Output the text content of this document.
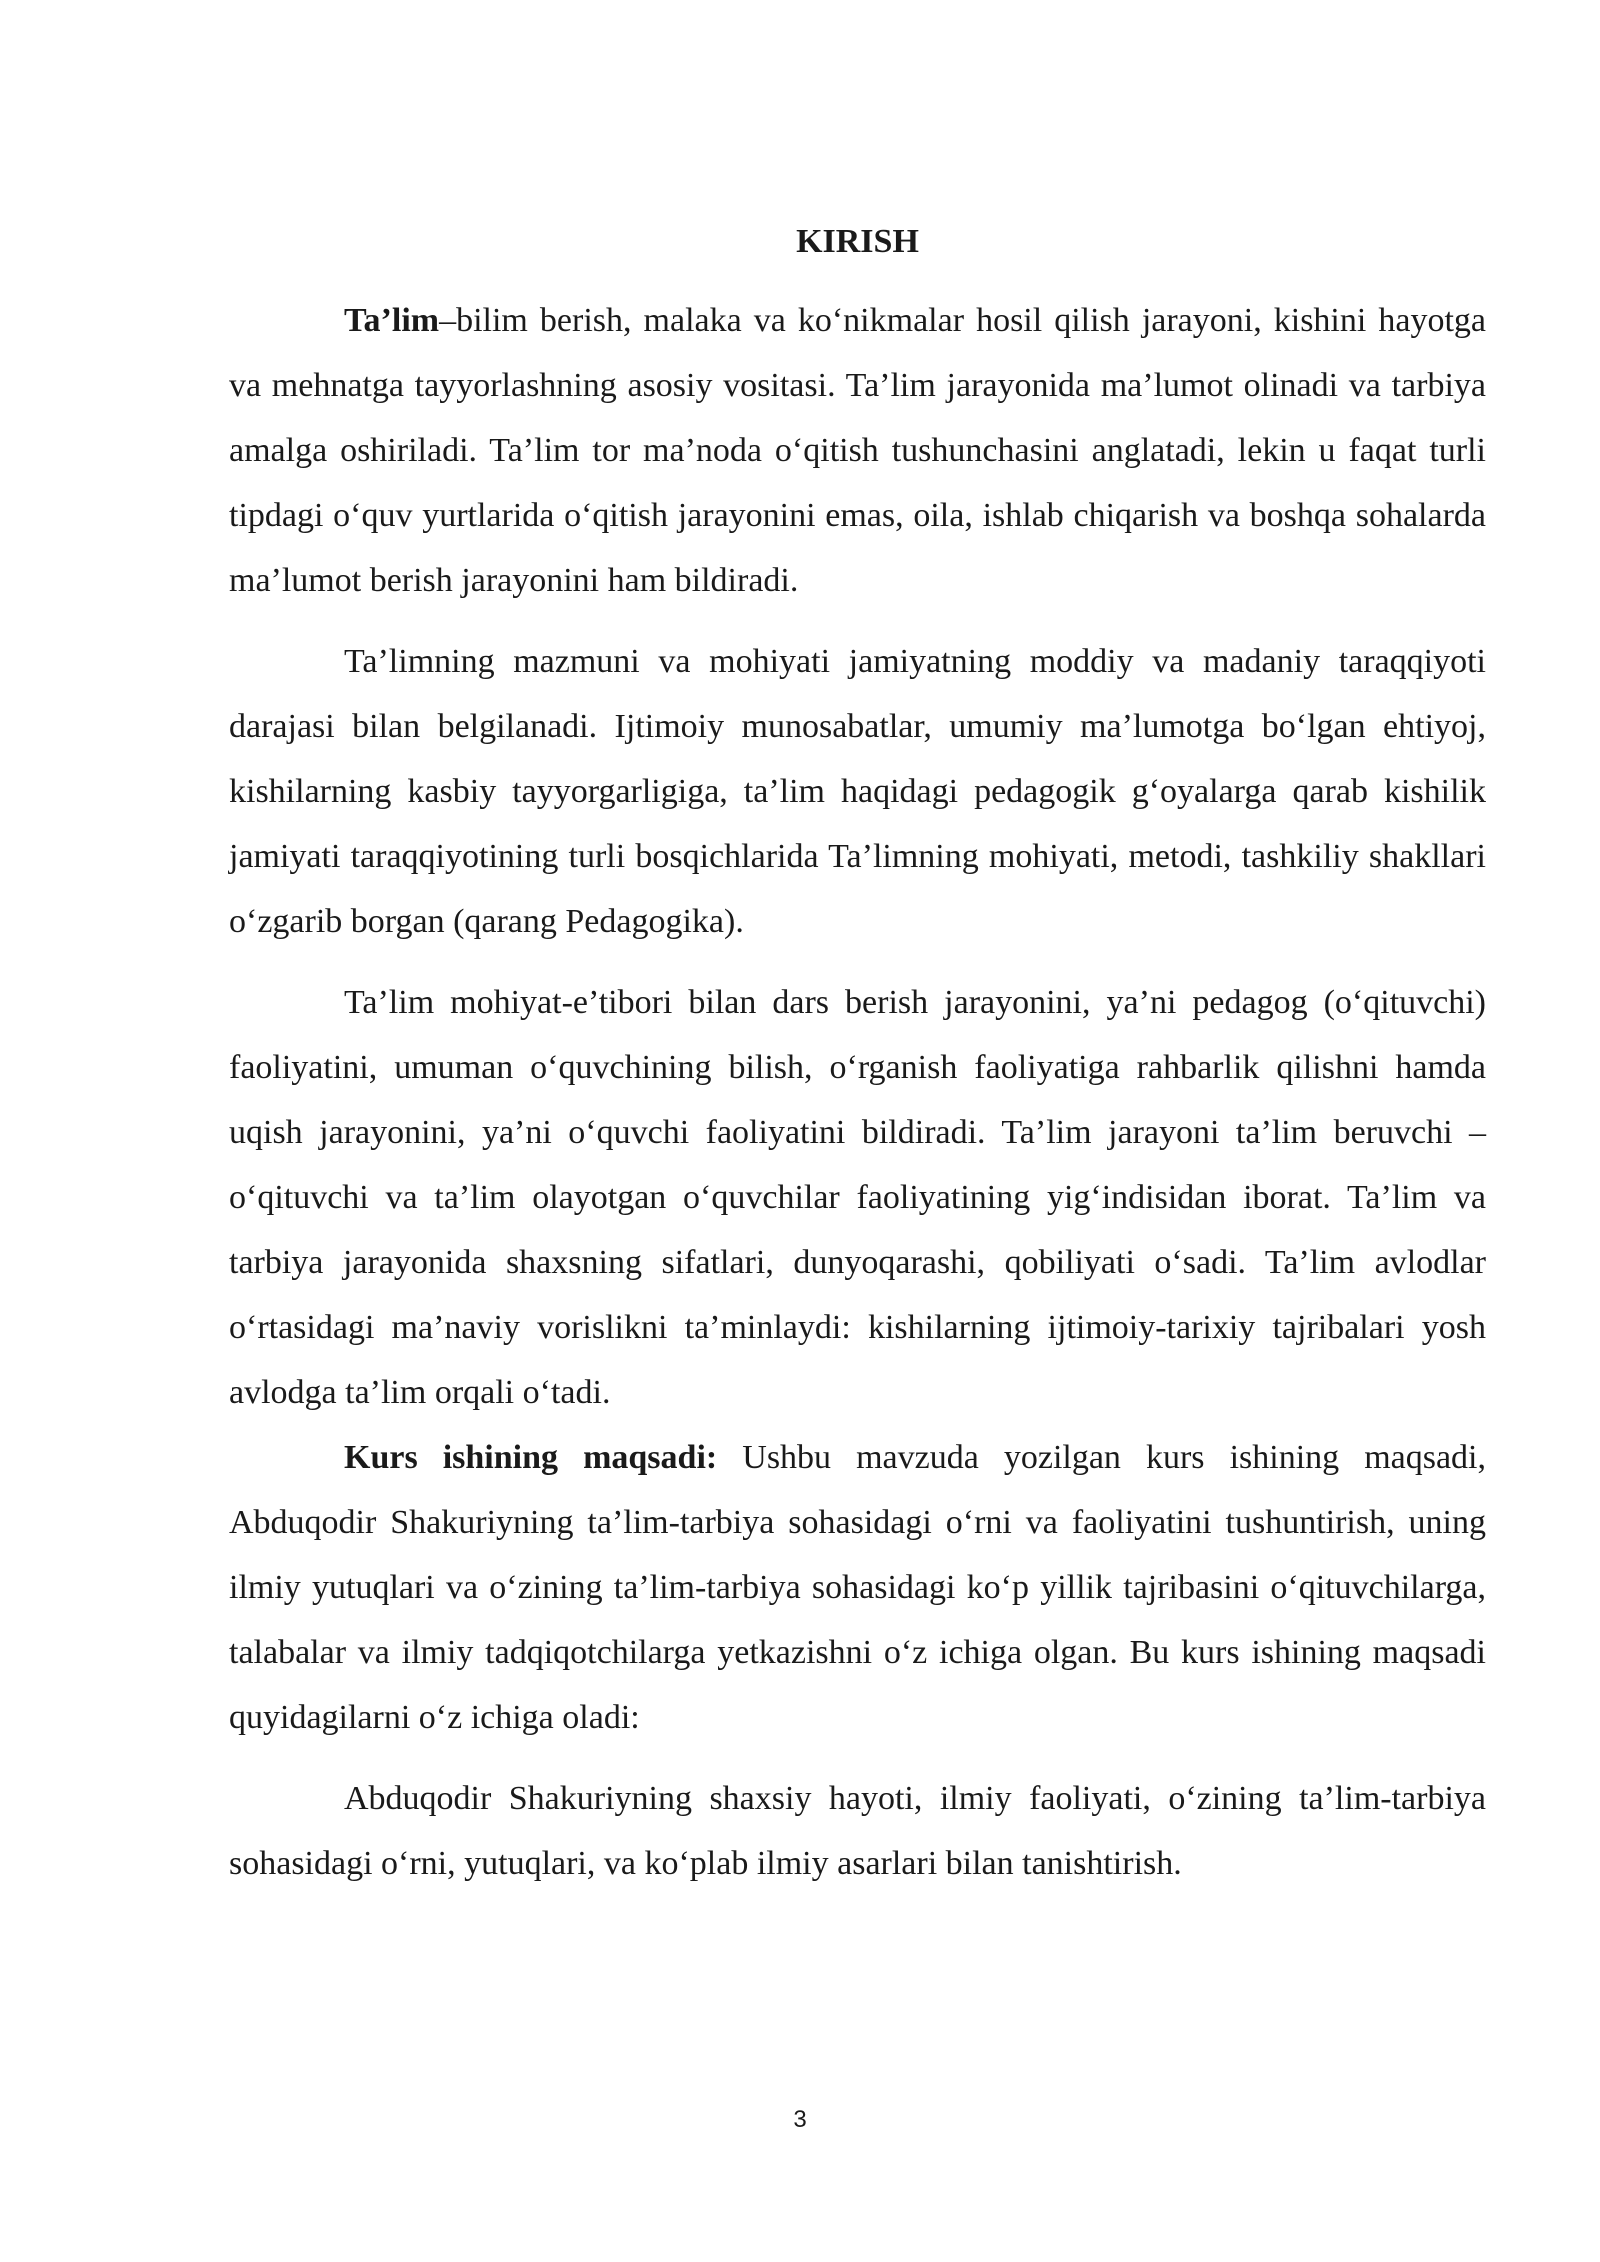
KIRISH

Ta’lim–bilim berish, malaka va ko‘nikmalar hosil qilish jarayoni, kishini hayotga va mehnatga tayyorlashning asosiy vositasi. Ta’lim jarayonida ma’lumot olinadi va tarbiya amalga oshiriladi. Ta’lim tor ma’noda o‘qitish tushunchasini anglatadi, lekin u faqat turli tipdagi o‘quv yurtlarida o‘qitish jarayonini emas, oila, ishlab chiqarish va boshqa sohalarda ma’lumot berish jarayonini ham bildiradi.

Ta’limning mazmuni va mohiyati jamiyatning moddiy va madaniy taraqqiyoti darajasi bilan belgilanadi. Ijtimoiy munosabatlar, umumiy ma’lumotga bo‘lgan ehtiyoj, kishilarning kasbiy tayyorgarligiga, ta’lim haqidagi pedagogik g‘oyalarga qarab kishilik jamiyati taraqqiyotining turli bosqichlarida Ta’limning mohiyati, metodi, tashkiliy shakllari o‘zgarib borgan (qarang Pedagogika).

Ta’lim mohiyat-e’tibori bilan dars berish jarayonini, ya’ni pedagog (o‘qituvchi) faoliyatini, umuman o‘quvchining bilish, o‘rganish faoliyatiga rahbarlik qilishni hamda uqish jarayonini, ya’ni o‘quvchi faoliyatini bildiradi. Ta’lim jarayoni ta’lim beruvchi – o‘qituvchi va ta’lim olayotgan o‘quvchilar faoliyatining yig‘indisidan iborat. Ta’lim va tarbiya jarayonida shaxsning sifatlari, dunyoqarashi, qobiliyati o‘sadi. Ta’lim avlodlar o‘rtasidagi ma’naviy vorislikni ta’minlaydi: kishilarning ijtimoiy-tarixiy tajribalari yosh avlodga ta’lim orqali o‘tadi.

Kurs ishining maqsadi: Ushbu mavzuda yozilgan kurs ishining maqsadi, Abduqodir Shakuriyning ta’lim-tarbiya sohasidagi o‘rni va faoliyatini tushuntirish, uning ilmiy yutuqlari va o‘zining ta’lim-tarbiya sohasidagi ko‘p yillik tajribasini o‘qituvchilarga, talabalar va ilmiy tadqiqotchilarga yetkazishni o‘z ichiga olgan. Bu kurs ishining maqsadi quyidagilarni o‘z ichiga oladi:

Abduqodir Shakuriyning shaxsiy hayoti, ilmiy faoliyati, o‘zining ta’lim-tarbiya sohasidagi o‘rni, yutuqlari, va ko‘plab ilmiy asarlari bilan tanishtirish.

3
